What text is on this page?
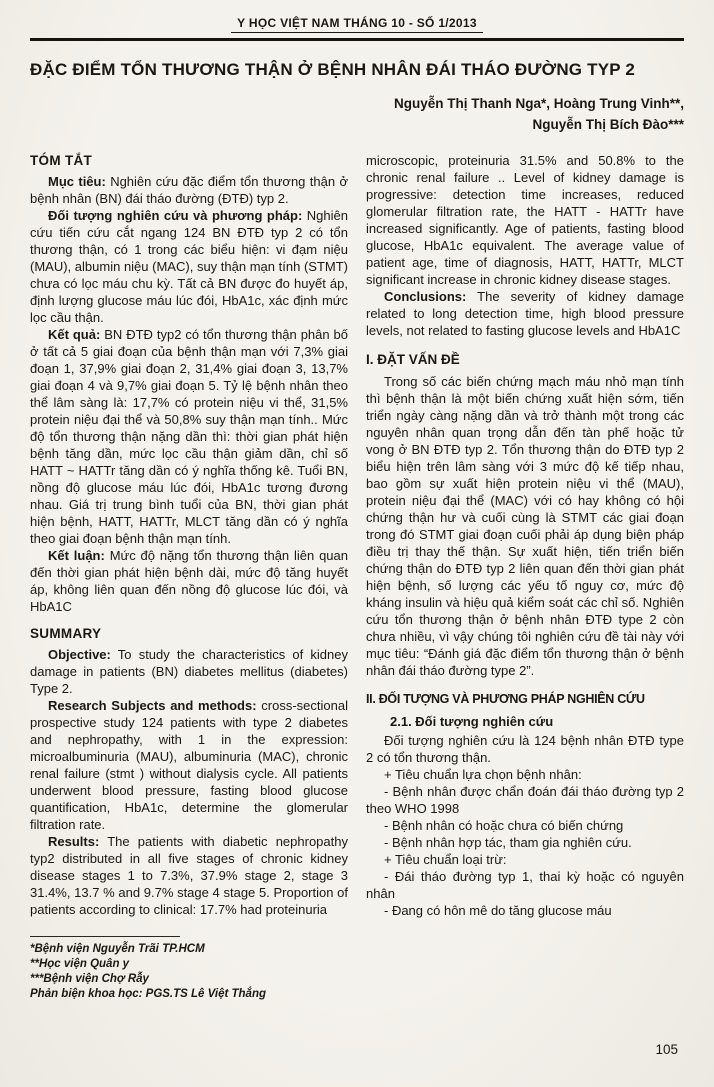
Y HỌC VIỆT NAM THÁNG 10 - SỐ 1/2013
ĐẶC ĐIỂM TỔN THƯƠNG THẬN Ở BỆNH NHÂN ĐÁI THÁO ĐƯỜNG TYP 2
Nguyễn Thị Thanh Nga*, Hoàng Trung Vinh**,
Nguyễn Thị Bích Đào***
TÓM TẮT

Mục tiêu: Nghiên cứu đặc điểm tổn thương thận ở bệnh nhân (BN) đái tháo đường (ĐTĐ) typ 2.

Đối tượng nghiên cứu và phương pháp: Nghiên cứu tiến cứu cắt ngang 124 BN ĐTĐ typ 2 có tổn thương thận, có 1 trong các biểu hiện: vi đạm niệu (MAU), albumin niệu (MAC), suy thận mạn tính (STMT) chưa có lọc máu chu kỳ. Tất cả BN được đo huyết áp, định lượng glucose máu lúc đói, HbA1c, xác định mức lọc cầu thận.

Kết quả: BN ĐTĐ typ2 có tổn thương thận phân bố ở tất cả 5 giai đoạn của bệnh thận mạn với 7,3% giai đoạn 1, 37,9% giai đoạn 2, 31,4% giai đoạn 3, 13,7% giai đoạn 4 và 9,7% giai đoạn 5. Tỷ lệ bệnh nhân theo thể lâm sàng là: 17,7% có protein niệu vi thể, 31,5% protein niệu đại thể và 50,8% suy thận mạn tính.. Mức độ tổn thương thận nặng dần thì: thời gian phát hiện bệnh tăng dần, mức lọc cầu thận giảm dần, chỉ số HATT ~ HATTr tăng dần có ý nghĩa thống kê. Tuổi BN, nồng độ glucose máu lúc đói, HbA1c tương đương nhau. Giá trị trung bình tuổi của BN, thời gian phát hiện bệnh, HATT, HATTr, MLCT tăng dần có ý nghĩa theo giai đoạn bệnh thận mạn tính.

Kết luận: Mức độ nặng tổn thương thận liên quan đến thời gian phát hiện bệnh dài, mức độ tăng huyết áp, không liên quan đến nồng độ glucose lúc đói, và HbA1C

SUMMARY

Objective: To study the characteristics of kidney damage in patients (BN) diabetes mellitus (diabetes) Type 2.

Research Subjects and methods: cross-sectional prospective study 124 patients with type 2 diabetes and nephropathy, with 1 in the expression: microalbuminuria (MAU), albuminuria (MAC), chronic renal failure (stmt ) without dialysis cycle. All patients underwent blood pressure, fasting blood glucose quantification, HbA1c, determine the glomerular filtration rate.

Results: The patients with diabetic nephropathy typ2 distributed in all five stages of chronic kidney disease stages 1 to 7.3%, 37.9% stage 2, stage 3 31.4%, 13.7 % and 9.7% stage 4 stage 5. Proportion of patients according to clinical: 17.7% had proteinuria

*Bệnh viện Nguyễn Trãi TP.HCM
**Học viện Quân y
***Bệnh viện Chợ Rẫy
Phản biện khoa học: PGS.TS Lê Việt Thắng

microscopic, proteinuria 31.5% and 50.8% to the chronic renal failure .. Level of kidney damage is progressive: detection time increases, reduced glomerular filtration rate, the HATT - HATTr have increased significantly. Age of patients, fasting blood glucose, HbA1c equivalent. The average value of patient age, time of diagnosis, HATT, HATTr, MLCT significant increase in chronic kidney disease stages.

Conclusions: The severity of kidney damage related to long detection time, high blood pressure levels, not related to fasting glucose levels and HbA1C

I. ĐẶT VẤN ĐỀ

Trong số các biến chứng mạch máu nhỏ mạn tính thì bệnh thận là một biến chứng xuất hiện sớm, tiến triển ngày càng nặng dần và trở thành một trong các nguyên nhân quan trọng dẫn đến tàn phế hoặc tử vong ở BN ĐTĐ typ 2. Tổn thương thận do ĐTĐ typ 2 biểu hiện trên lâm sàng với 3 mức độ kế tiếp nhau, bao gồm sự xuất hiện protein niệu vi thể (MAU), protein niệu đại thể (MAC) với có hay không có hội chứng thận hư và cuối cùng là STMT các giai đoạn trong đó STMT giai đoạn cuối phải áp dụng biện pháp điều trị thay thế thận. Sự xuất hiện, tiến triển biến chứng thận do ĐTĐ typ 2 liên quan đến thời gian phát hiện bệnh, số lượng các yếu tố nguy cơ, mức độ kháng insulin và hiệu quả kiểm soát các chỉ số. Nghiên cứu tổn thương thận ở bệnh nhân ĐTĐ type 2 còn chưa nhiều, vì vậy chúng tôi nghiên cứu đề tài này với mục tiêu: “Đánh giá đặc điểm tổn thương thận ở bệnh nhân đái tháo đường type 2”.

II. ĐỐI TƯỢNG VÀ PHƯƠNG PHÁP NGHIÊN CỨU
2.1. Đối tượng nghiên cứu

Đối tượng nghiên cứu là 124 bệnh nhân ĐTĐ type 2 có tổn thương thận.

+ Tiêu chuẩn lựa chọn bệnh nhân:

- Bệnh nhân được chẩn đoán đái tháo đường typ 2 theo WHO 1998

- Bệnh nhân có hoặc chưa có biến chứng

- Bệnh nhân hợp tác, tham gia nghiên cứu.

+ Tiêu chuẩn loại trừ:

- Đái tháo đường typ 1, thai kỳ hoặc có nguyên nhân

- Đang có hôn mê do tăng glucose máu

105
